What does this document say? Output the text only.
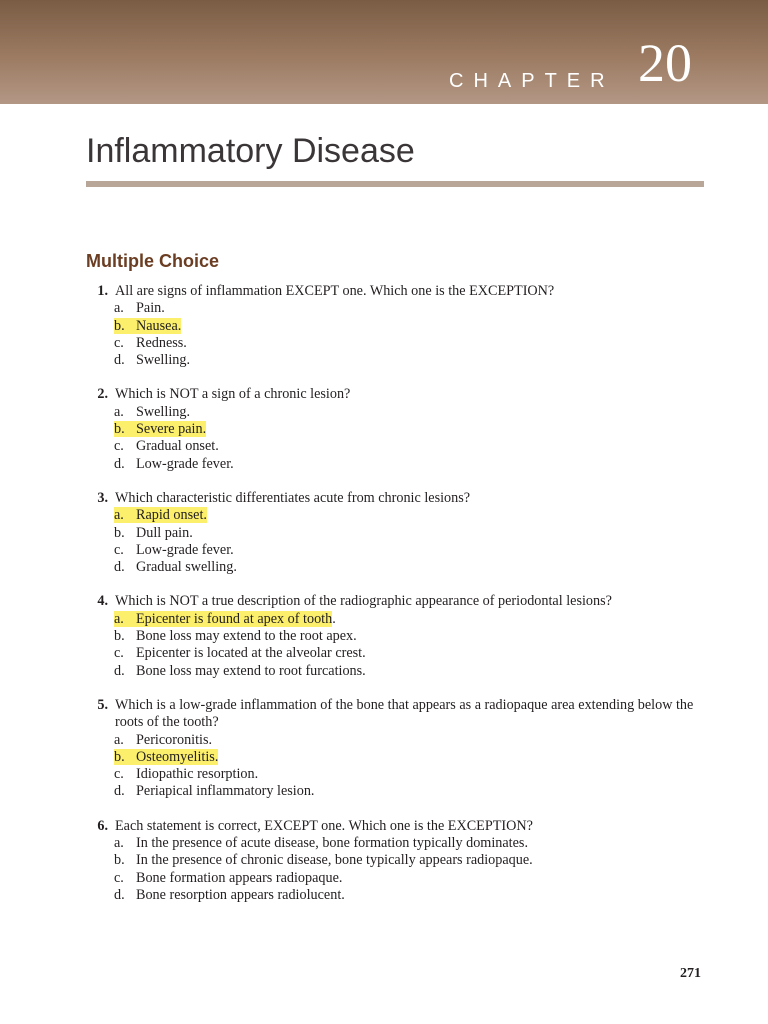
CHAPTER 20
Inflammatory Disease
Multiple Choice
1. All are signs of inflammation EXCEPT one. Which one is the EXCEPTION?
a. Pain.
b. Nausea.
c. Redness.
d. Swelling.
2. Which is NOT a sign of a chronic lesion?
a. Swelling.
b. Severe pain.
c. Gradual onset.
d. Low-grade fever.
3. Which characteristic differentiates acute from chronic lesions?
a. Rapid onset.
b. Dull pain.
c. Low-grade fever.
d. Gradual swelling.
4. Which is NOT a true description of the radiographic appearance of periodontal lesions?
a. Epicenter is found at apex of tooth.
b. Bone loss may extend to the root apex.
c. Epicenter is located at the alveolar crest.
d. Bone loss may extend to root furcations.
5. Which is a low-grade inflammation of the bone that appears as a radiopaque area extending below the roots of the tooth?
a. Pericoronitis.
b. Osteomyelitis.
c. Idiopathic resorption.
d. Periapical inflammatory lesion.
6. Each statement is correct, EXCEPT one. Which one is the EXCEPTION?
a. In the presence of acute disease, bone formation typically dominates.
b. In the presence of chronic disease, bone typically appears radiopaque.
c. Bone formation appears radiopaque.
d. Bone resorption appears radiolucent.
271
